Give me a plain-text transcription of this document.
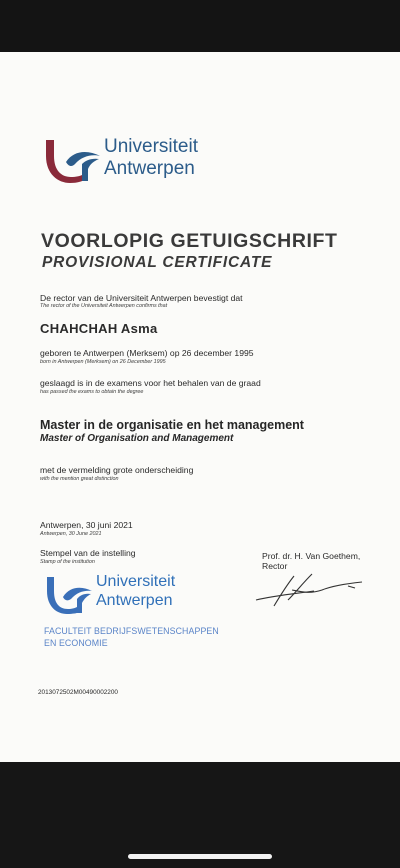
Universiteit
Antwerpen
VOORLOPIG GETUIGSCHRIFT
PROVISIONAL CERTIFICATE
De rector van de Universiteit Antwerpen bevestigt dat
The rector of the Universiteit Antwerpen confirms that
CHAHCHAH Asma
geboren te Antwerpen (Merksem) op 26 december 1995
born in Antwerpen (Merksem) on 26 December 1995
geslaagd is in de examens voor het behalen van de graad
has passed the exams to obtain the degree
Master in de organisatie en het management
Master of Organisation and Management
met de vermelding grote onderscheiding
with the mention great distinction
Antwerpen, 30 juni 2021
Antwerpen, 30 June 2021
Stempel van de instelling
Stamp of the institution
Prof. dr. H. Van Goethem,
Rector
Universiteit
Antwerpen
FACULTEIT BEDRIJFSWETENSCHAPPEN
EN ECONOMIE
2013072502M00490002200
